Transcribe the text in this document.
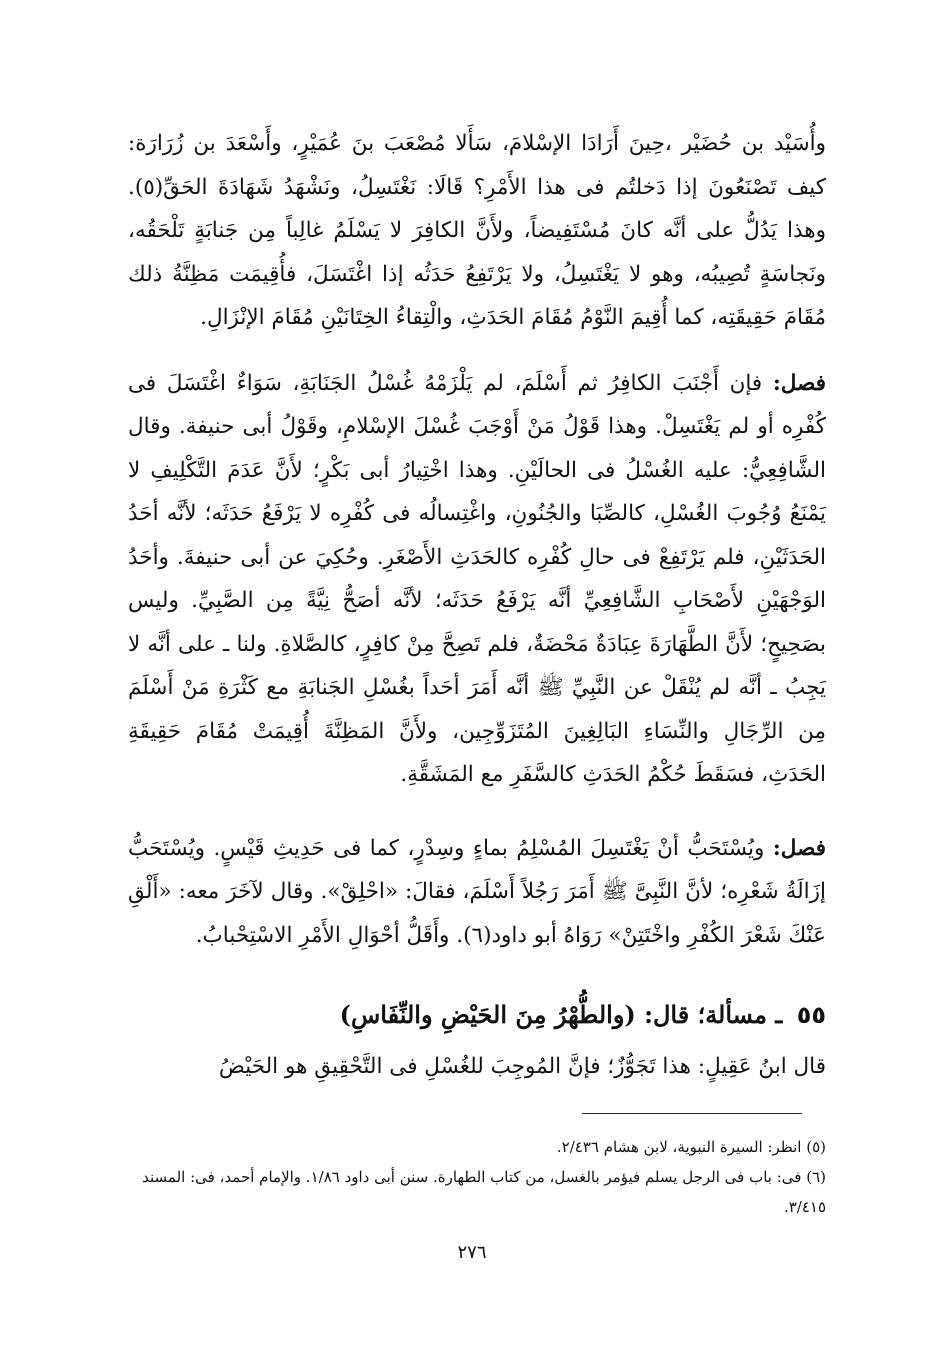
وأُسَيْد بن حُضَيْر ،حِينَ أَرَادَا الإسْلامَ، سَأَلا مُصْعَبَ بنَ عُمَيْرٍ، وأَسْعَدَ بن زُرَارَة: كيف تَصْنَعُونَ إذا دَخلتُم فى هذا الأَمْرِ؟ قَالَا: نَغْتَسِلُ، ونَشْهَدُ شَهَادَةَ الحَقِّ(٥). وهذا يَدُلُّ على أنَّه كانَ مُسْتَفِيضاً، ولأَنَّ الكافِرَ لا يَسْلَمُ غالِباً مِن جَنابَةٍ تَلْحَقُه، ونَجاسَةٍ تُصِيبُه، وهو لا يَغْتَسِلُ، ولا يَرْتَفِعُ حَدَثُه إذا اغْتَسَلَ، فأُقِيمَت مَظِنَّةُ ذلك مُقَامَ حَقِيقَتِه، كما أُقِيمَ النَّوْمُ مُقَامَ الحَدَثِ، والْتِقاءُ الخِتَانَيْنِ مُقَامَ الإنْزَالِ.

فصل: فإن أَجْنَبَ الكافِرُ ثم أَسْلَمَ، لم يَلْزَمْهُ غُسْلُ الجَنَابَةِ، سَوَاءٌ اغْتَسَلَ فى كُفْرِه أو لم يَغْتَسِلْ. وهذا قَوْلُ مَنْ أَوْجَبَ غُسْلَ الإسْلامِ، وقَوْلُ أبى حنيفة. وقال الشَّافِعِيُّ: عليه الغُسْلُ فى الحالَيْنِ. وهذا اخْتِيارُ أبى بَكْرٍ؛ لأَنَّ عَدَمَ التَّكْلِيفِ لا يَمْنَعُ وُجُوبَ الغُسْلِ، كالصِّبَا والجُنُونِ، واغْتِسالُه فى كُفْرِه لا يَرْفَعُ حَدَثَه؛ لأنَّه أحَدُ الحَدَثَيْنِ، فلم يَرْتَفِعْ فى حالِ كُفْرِه كالحَدَثِ الأَصْغَرِ. وحُكِيَ عن أبى حنيفةَ. وأحَدُ الوَجْهَيْنِ لأَصْحَابِ الشَّافِعِيِّ أنَّه يَرْفَعُ حَدَثَه؛ لأنَّه أصَحُّ نِيَّةً مِن الصَّبِيِّ. وليس بصَحِيحٍ؛ لأَنَّ الطَّهَارَةَ عِبَادَةٌ مَحْضَةٌ، فلم تَصِحَّ مِنْ كافِرٍ، كالصَّلاةِ. ولنا ـ على أنَّه لا يَجِبُ ـ أنَّه لم يُنْقَلْ عن النَّبِيِّ ﷺ أنَّه أَمَرَ أحَداً بغُسْلِ الجَنابَةِ مع كَثْرَةِ مَنْ أَسْلَمَ مِن الرِّجَالِ والنِّسَاءِ البَالِغِينَ المُتَزَوِّجِين، ولأَنَّ المَظِنَّةَ أُقِيمَتْ مُقَامَ حَقِيقَةِ الحَدَثِ، فسَقَطَ حُكْمُ الحَدَثِ كالسَّفَرِ مع المَشَقَّةِ.

فصل: ويُسْتَحَبُّ أنْ يَغْتَسِلَ المُسْلِمُ بماءٍ وسِدْرٍ، كما فى حَدِيثِ قَيْسٍ. ويُسْتَحَبُّ إزَالَةُ شَعْرِه؛ لأنَّ النَّبِىَّ ﷺ أَمَرَ رَجُلاً أَسْلَمَ، فقالَ: «احْلِقْ». وقال لآخَرَ معه: «أَلْقِ عَنْكَ شَعْرَ الكُفْرِ واخْتَتِنْ» رَوَاهُ أبو داود(٦). وأَقَلُّ أحْوَالِ الأَمْرِ الاسْتِحْبابُ.

٥٥ ـ مسألة؛ قال: (والطُّهْرُ مِنَ الحَيْضِ والنِّفَاسِ)

قال ابنُ عَقِيلٍ: هذا تَجَوُّزٌ؛ فإنَّ المُوجِبَ للغُسْلِ فى التَّحْقِيقِ هو الحَيْضُ

(٥) انظر: السيرة النبوية، لابن هشام ٢/٤٣٦.

(٦) فى: باب فى الرجل يسلم فيؤمر بالغسل، من كتاب الطهارة. سنن أبى داود ١/٨٦. والإمام أحمد، فى: المسند ٣/٤١٥.

٢٧٦
